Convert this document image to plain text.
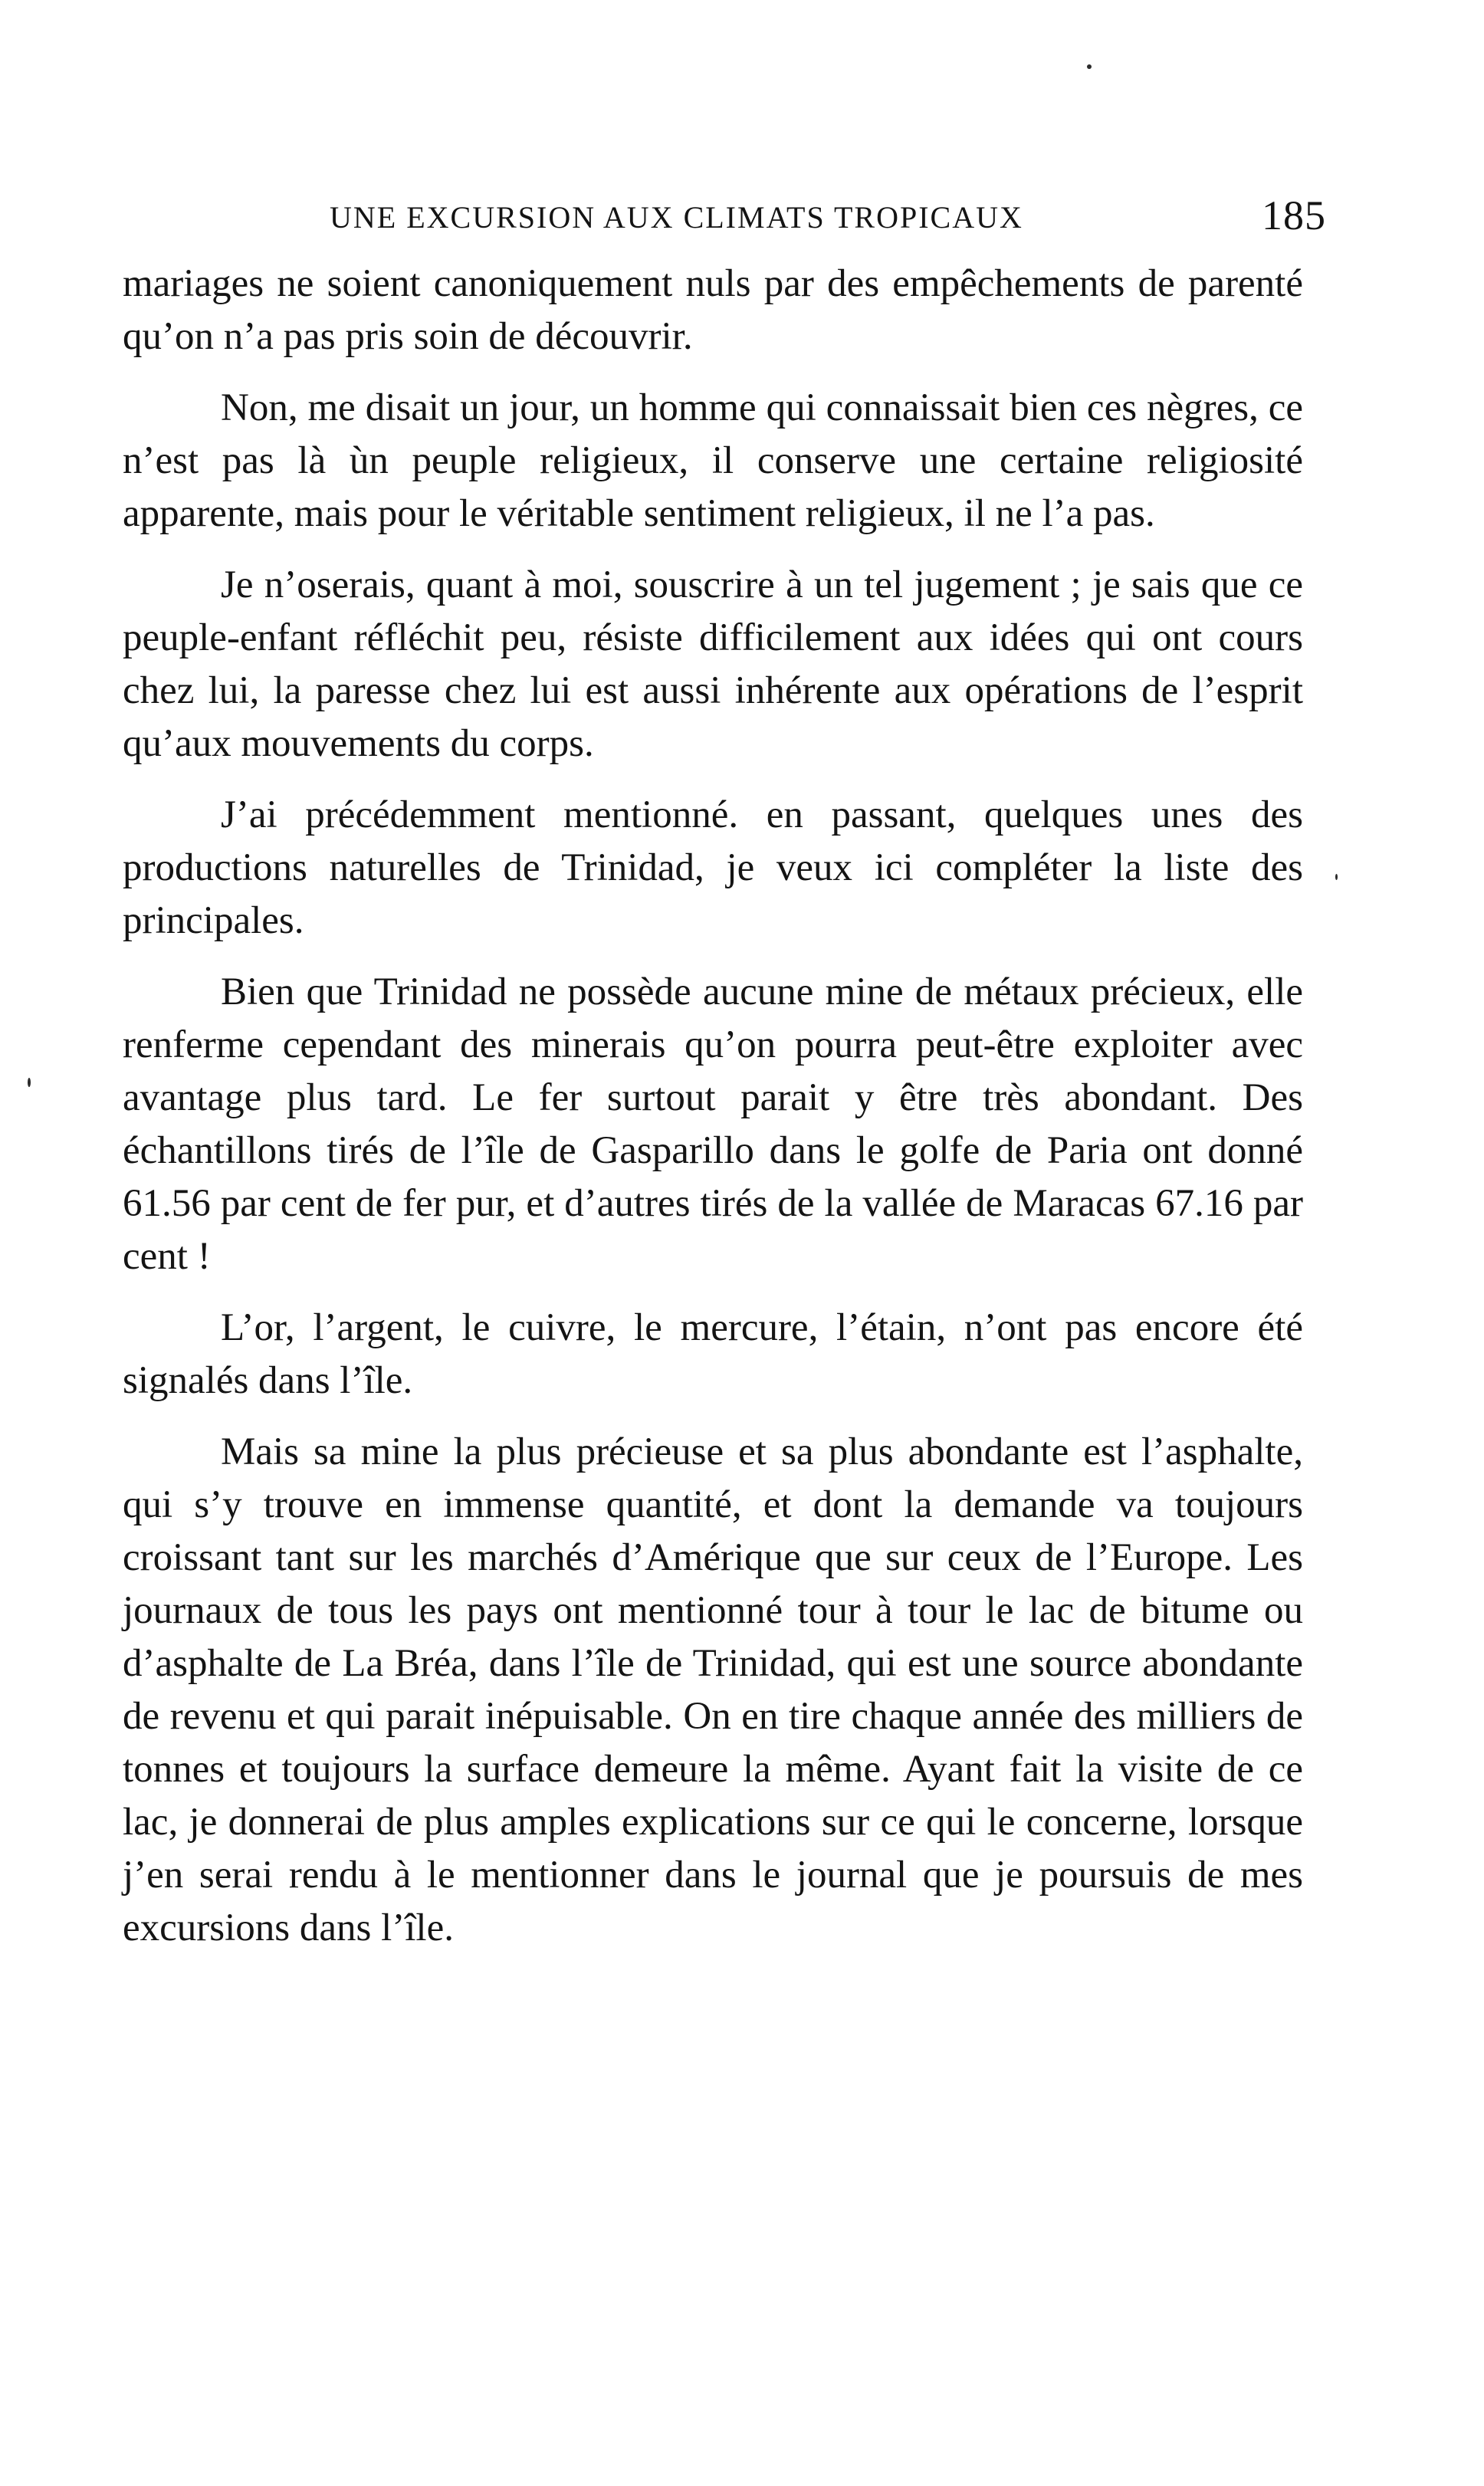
UNE EXCURSION AUX CLIMATS TROPICAUX	185

mariages ne soient canoniquement nuls par des empêchements de parenté qu’on n’a pas pris soin de découvrir.

Non, me disait un jour, un homme qui connaissait bien ces nègres, ce n’est pas là ùn peuple religieux, il conserve une certaine religiosité apparente, mais pour le véritable sentiment religieux, il ne l’a pas.

Je n’oserais, quant à moi, souscrire à un tel jugement ; je sais que ce peuple-enfant réfléchit peu, résiste difficilement aux idées qui ont cours chez lui, la paresse chez lui est aussi inhérente aux opérations de l’esprit qu’aux mouvements du corps.

J’ai précédemment mentionné. en passant, quelques unes des productions naturelles de Trinidad, je veux ici compléter la liste des principales.

Bien que Trinidad ne possède aucune mine de métaux précieux, elle renferme cependant des minerais qu’on pourra peut-être exploiter avec avantage plus tard. Le fer surtout parait y être très abondant. Des échantillons tirés de l’île de Gasparillo dans le golfe de Paria ont donné 61.56 par cent de fer pur, et d’autres tirés de la vallée de Maracas 67.16 par cent !

L’or, l’argent, le cuivre, le mercure, l’étain, n’ont pas encore été signalés dans l’île.

Mais sa mine la plus précieuse et sa plus abondante est l’asphalte, qui s’y trouve en immense quantité, et dont la demande va toujours croissant tant sur les marchés d’Amérique que sur ceux de l’Europe. Les journaux de tous les pays ont mentionné tour à tour le lac de bitume ou d’asphalte de La Bréa, dans l’île de Trinidad, qui est une source abondante de revenu et qui parait inépuisable. On en tire chaque année des milliers de tonnes et toujours la surface demeure la même. Ayant fait la visite de ce lac, je donnerai de plus amples explications sur ce qui le concerne, lorsque j’en serai rendu à le mentionner dans le journal que je poursuis de mes excursions dans l’île.
